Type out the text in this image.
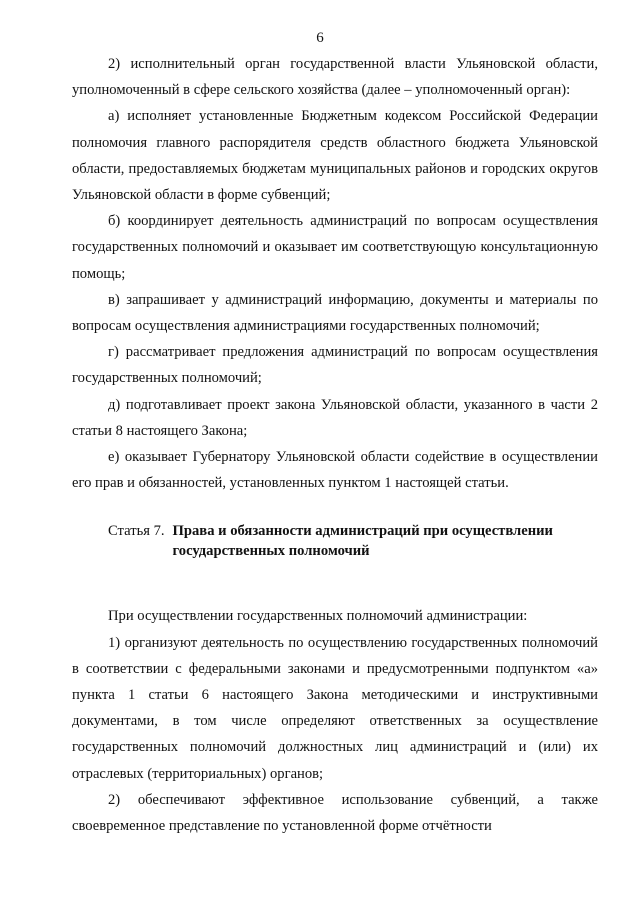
6

2) исполнительный орган государственной власти Ульяновской области, уполномоченный в сфере сельского хозяйства (далее – уполномоченный орган):

а) исполняет установленные Бюджетным кодексом Российской Федерации полномочия главного распорядителя средств областного бюджета Ульяновской области, предоставляемых бюджетам муниципальных районов и городских округов Ульяновской области в форме субвенций;

б) координирует деятельность администраций по вопросам осуществления государственных полномочий и оказывает им соответствующую консультационную помощь;

в) запрашивает у администраций информацию, документы и материалы по вопросам осуществления администрациями государственных полномочий;

г) рассматривает предложения администраций по вопросам осуществления государственных полномочий;

д) подготавливает проект закона Ульяновской области, указанного в части 2 статьи 8 настоящего Закона;

е) оказывает Губернатору Ульяновской области содействие в осуществлении его прав и обязанностей, установленных пунктом 1 настоящей статьи.

Статья 7. Права и обязанности администраций при осуществлении государственных полномочий

При осуществлении государственных полномочий администрации:

1) организуют деятельность по осуществлению государственных полномочий в соответствии с федеральными законами и предусмотренными подпунктом «а» пункта 1 статьи 6 настоящего Закона методическими и инструктивными документами, в том числе определяют ответственных за осуществление государственных полномочий должностных лиц администраций и (или) их отраслевых (территориальных) органов;

2) обеспечивают эффективное использование субвенций, а также своевременное представление по установленной форме отчётности
